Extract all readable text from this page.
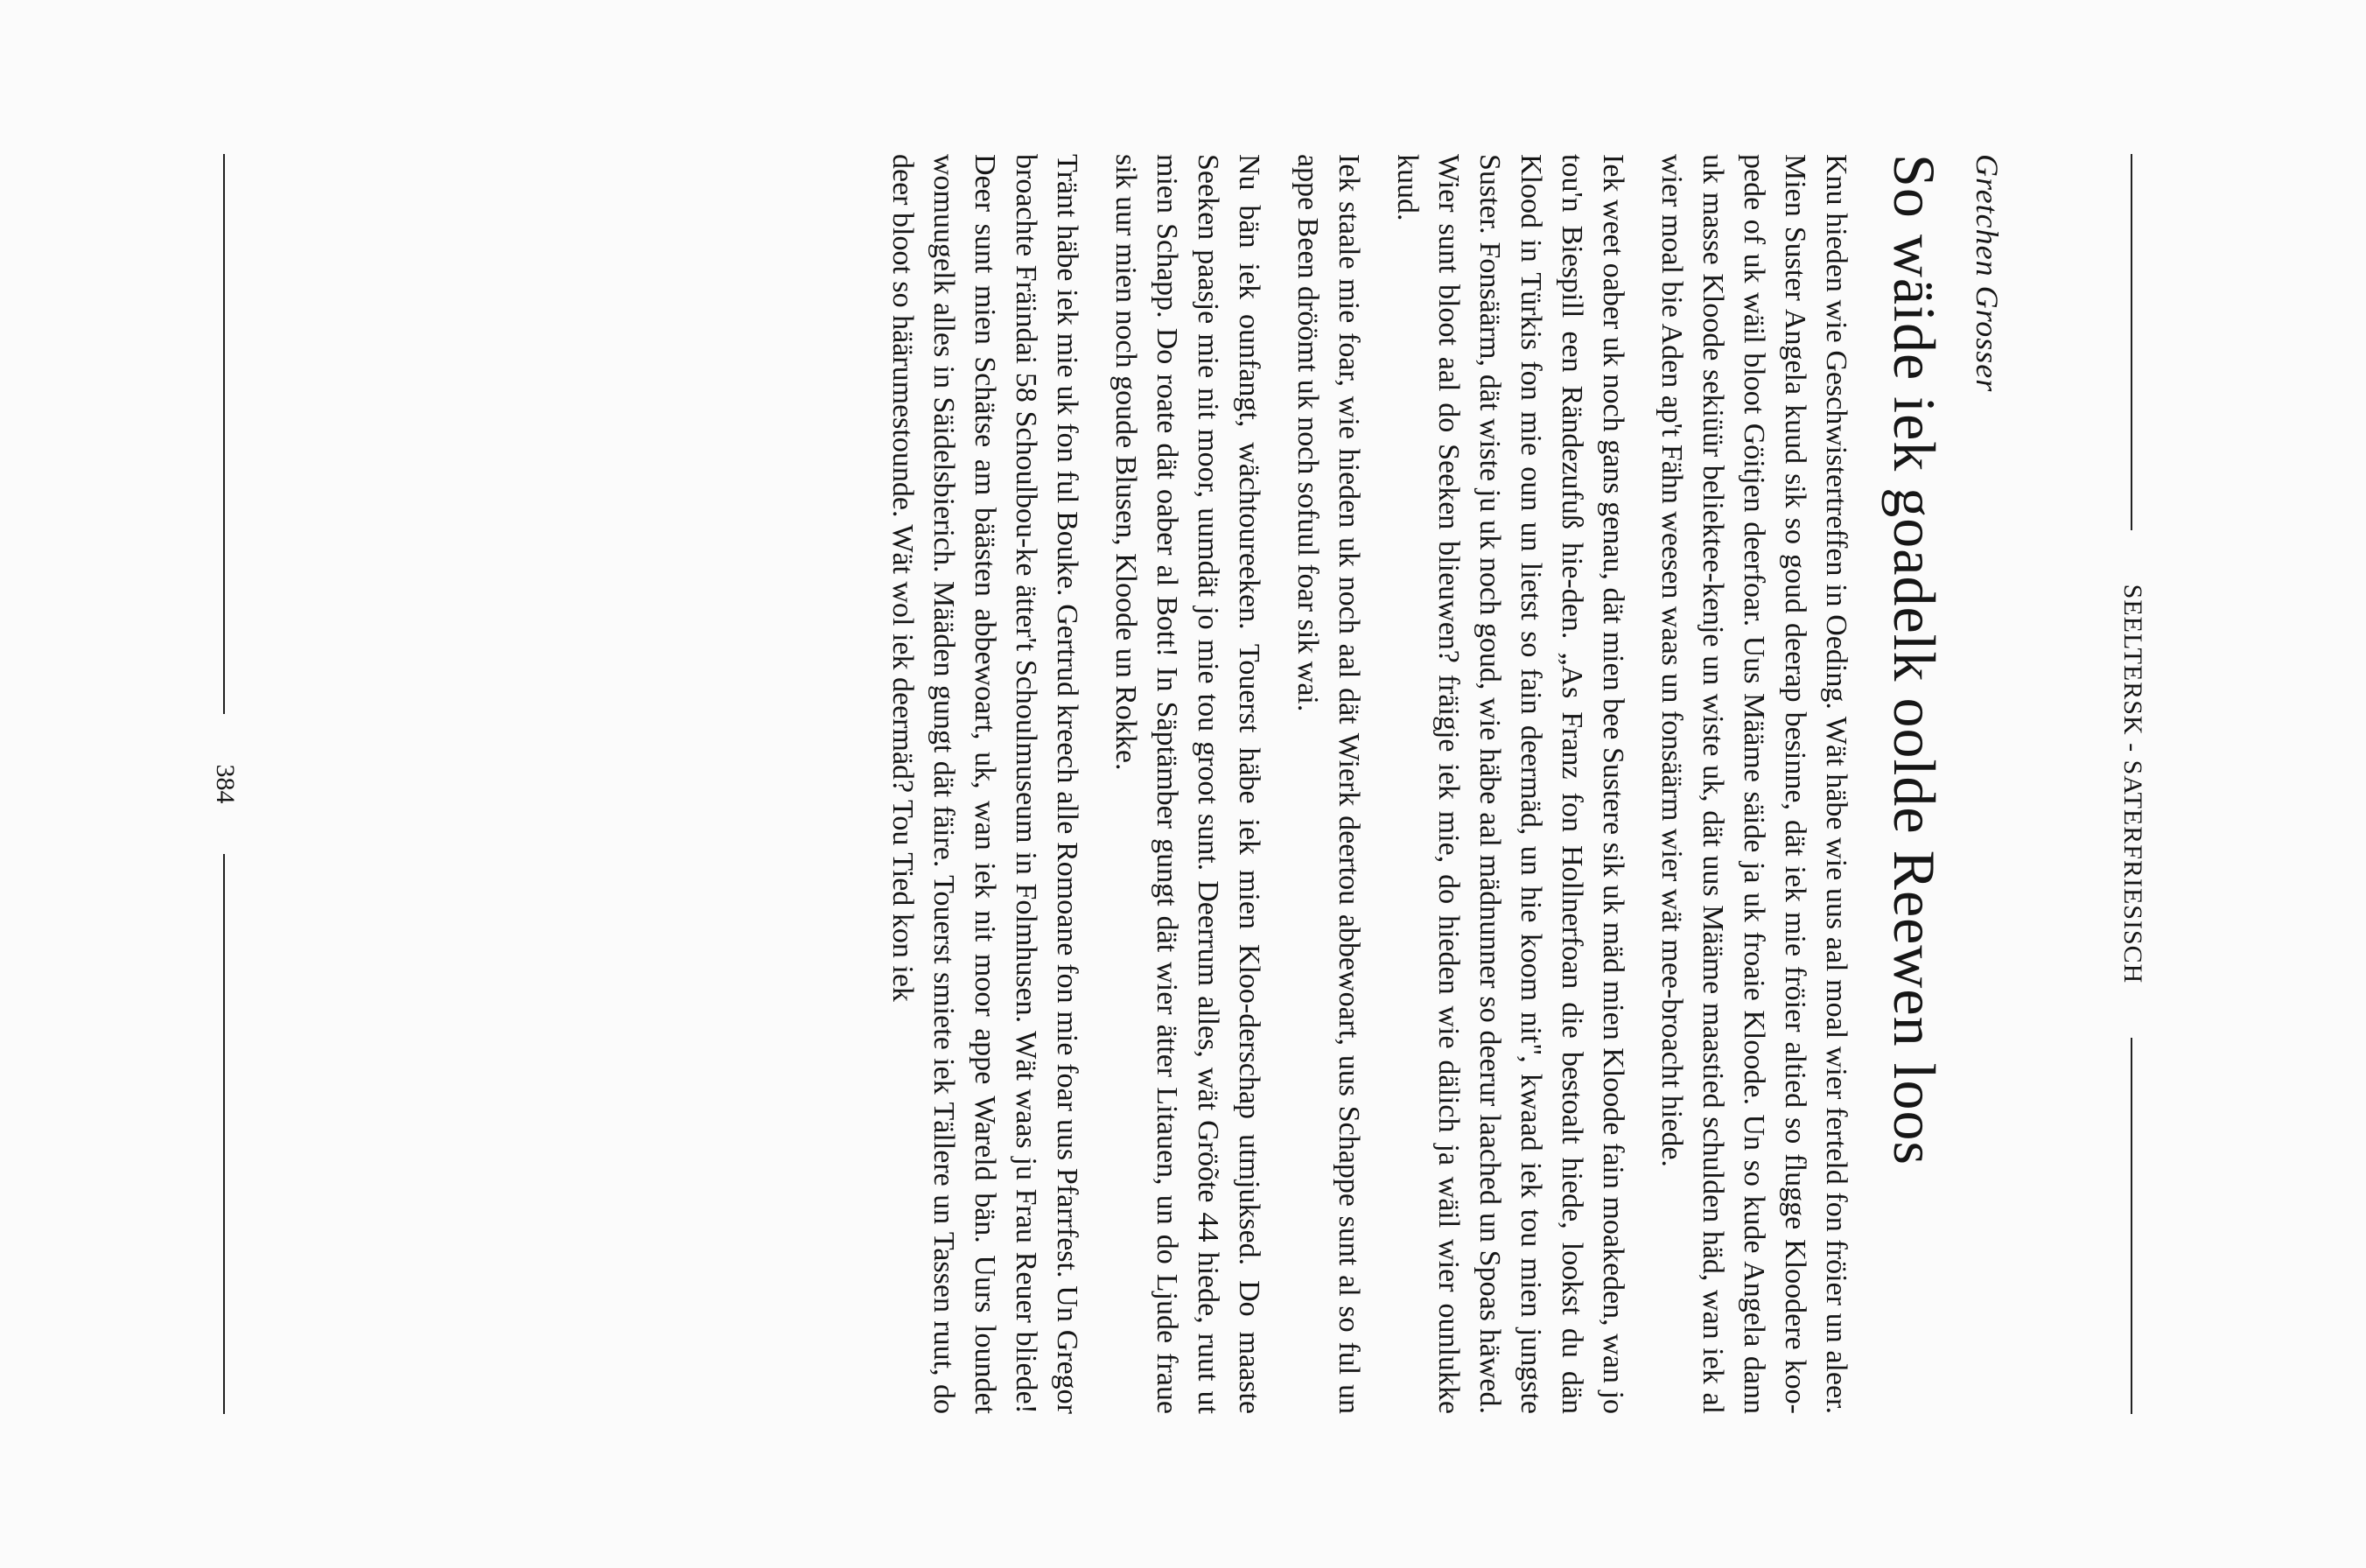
SEELTERSK - SATERFRIESISCH
Gretchen Grosser
So wäide iek goadelk oolde Reewen loos

Knu hieden wie Geschwistertreffen in Oeding. Wät häbe wie uus aal moal wier ferteld fon fröier un aleer. Mien Suster Angela kuud sik so goud deerap besinne, dät iek mie fröier altied so flugge Kloodere koo-pede of uk wäil bloot Göitjen deerfoar. Uus Määme säide ja uk froaie Kloode. Un so kude Angela dann uk masse Kloode sekiüür beliektee-kenje un wiste uk, dät uus Määme maastied schulden häd, wan iek al wier moal bie Aden ap't Fähn weesen waas un fonsäärm wier wät mee-broacht hiede.

Iek weet oaber uk noch gans genau, dät mien bee Sustere sik uk mäd mien Kloode fain moakeden, wan jo tou'n Biespill een Rändezufuß hie-den. „As Franz fon Hollnerfoan die bestoalt hiede, lookst du dän Klood in Türkis fon mie oun un lietst so fain deermäd, un hie koom nit", kwaad iek tou mien jungste Suster. Fonsäärm, dät wiste ju uk noch goud, wie häbe aal mädnunner so deerur laached un Spoas häwed. Wier sunt bloot aal do Seeken blieuwen? fräigje iek mie, do hieden wie dälich ja wäil wier ounlukke kuud.

Iek staale mie foar, wie hieden uk noch aal dät Wierk deertou abbewoart, uus Schappe sunt al so ful un appe Been dröömt uk noch sofuul foar sik wai.

Nu bän iek ounfangt, wächtoureeken. Touerst häbe iek mien Kloo-derschap utmjuksed. Do maaste Seeken paasje mie nit moor, uumdät jo mie tou groot sunt. Deerrum alles, wät Gröõte 44 hiede, ruut ut mien Schapp. Do roate dät oaber al Bott! In Säptämber gungt dät wier ätter Litauen, un do Ljude fraue sik uur mien noch goude Blusen, Kloode un Rokke.

Tränt häbe iek mie uk fon ful Bouke. Gertrud kreech alle Romoane fon mie foar uus Pfarrfest. Un Gregor broachte Fräindai 58 Schoulbou-ke ätter't Schoulmuseum in Folmhusen. Wät waas ju Frau Reuer bliede! Deer sunt mien Schätse am bäästen abbewoart, uk, wan iek nit moor appe Wareld bän. Uurs loundet womuugelk alles in Säidelsbierich. Määden gungt dät fäire. Touerst smiete iek Tällere un Tassen ruut, do deer bloot so häärumestounde. Wät wol iek deermäd? Tou Tied kon iek

384
